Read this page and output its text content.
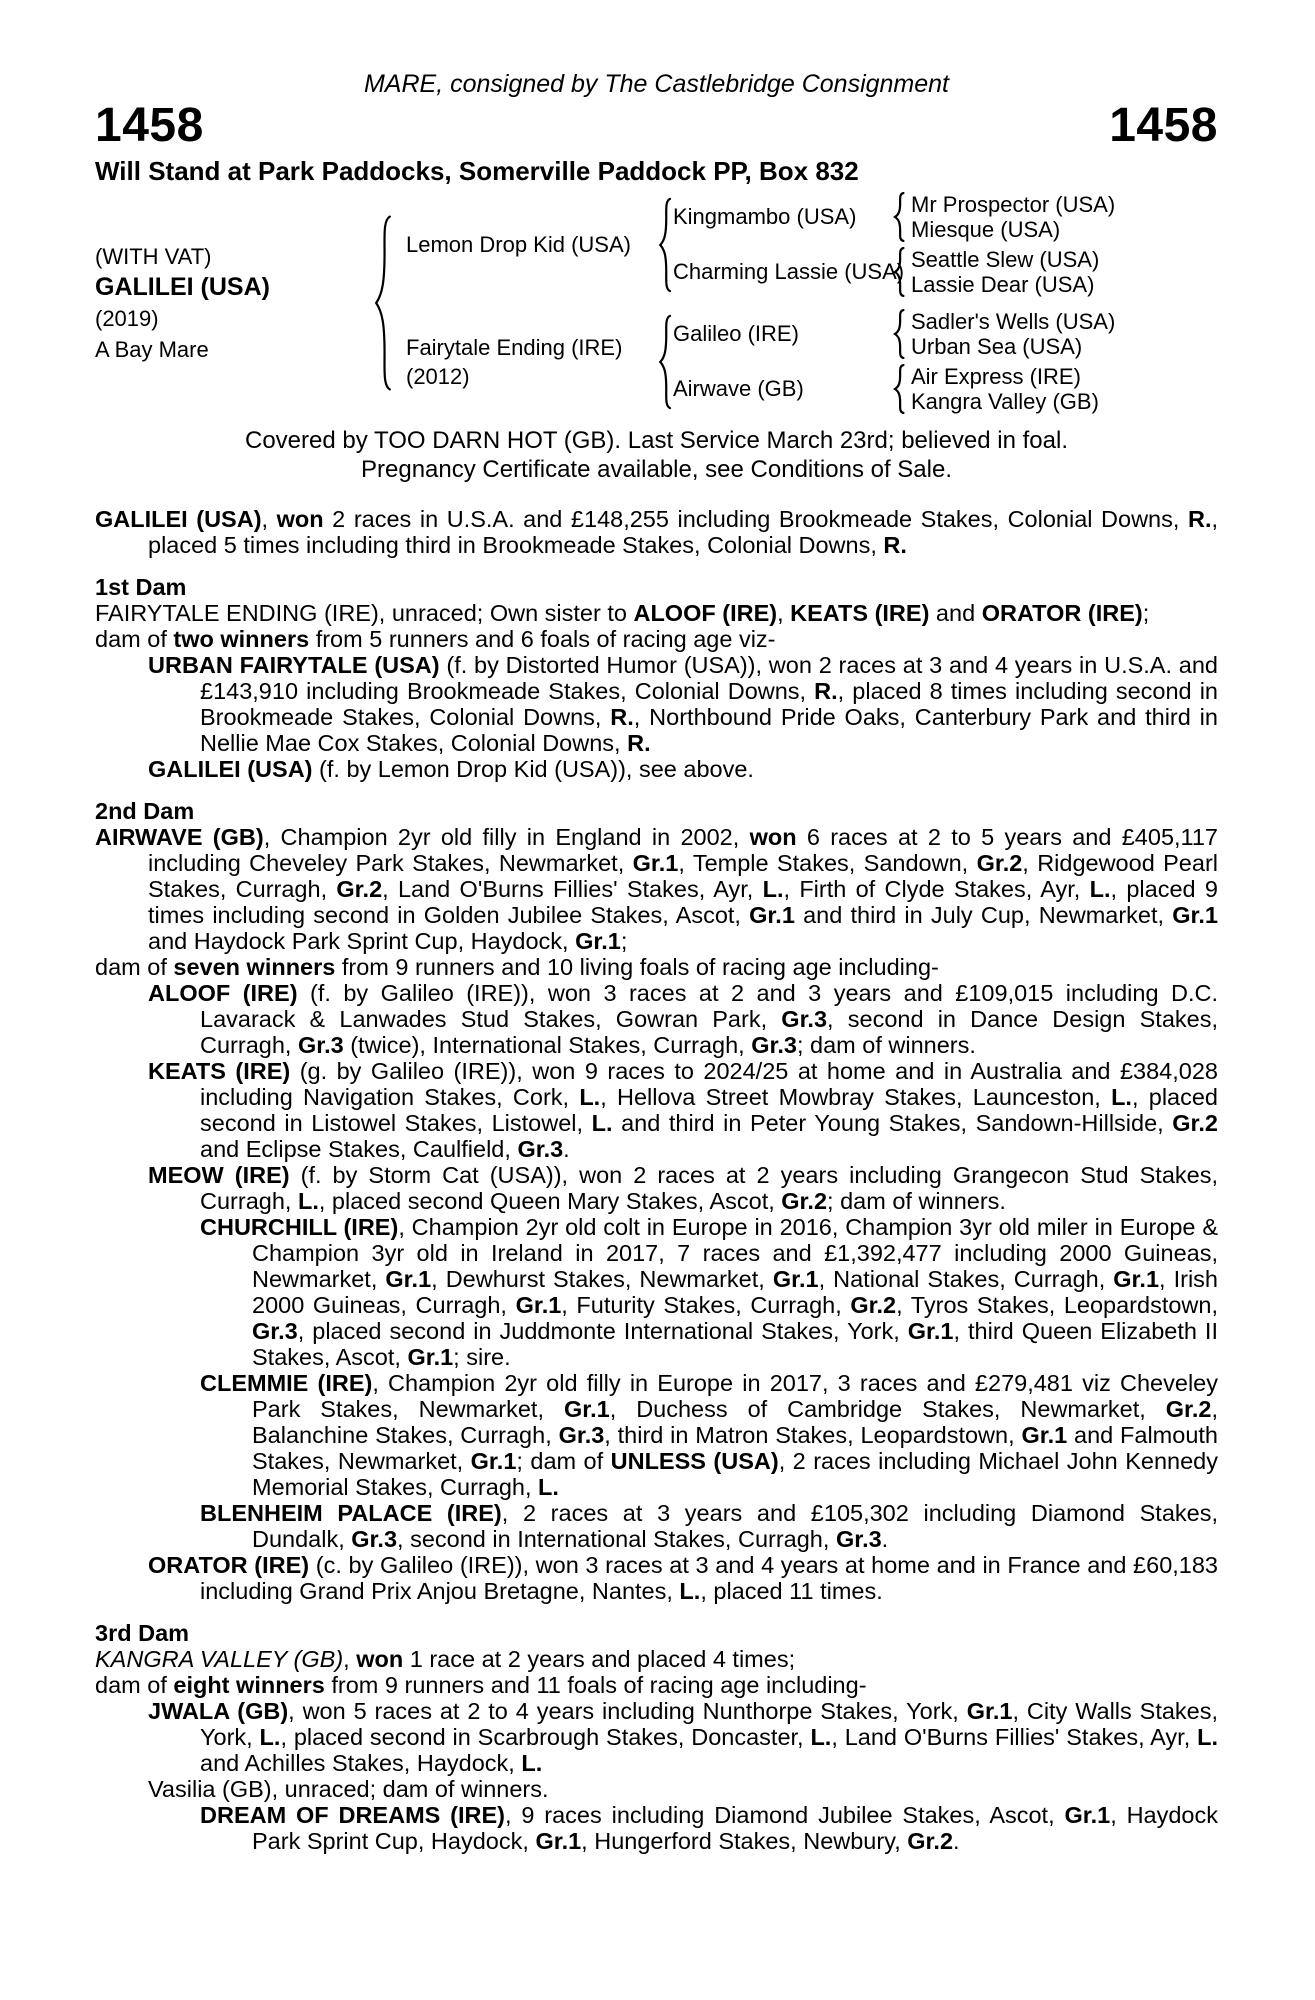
MARE, consigned by The Castlebridge Consignment
1458	1458
Will Stand at Park Paddocks, Somerville Paddock PP, Box 832
(WITH VAT)
GALILEI (USA)
(2019)
A Bay Mare
Lemon Drop Kid (USA)
Kingmambo (USA)	Mr Prospector (USA)
Miesque (USA)
Charming Lassie (USA) Seattle Slew (USA)
Lassie Dear (USA)
Fairytale Ending (IRE)
(2012)
Galileo (IRE)	Sadler's Wells (USA)
Urban Sea (USA)
Airwave (GB)	Air Express (IRE)
Kangra Valley (GB)
Covered by TOO DARN HOT (GB). Last Service March 23rd; believed in foal.
Pregnancy Certificate available, see Conditions of Sale.
GALILEI (USA), won 2 races in U.S.A. and £148,255 including Brookmeade Stakes, Colonial Downs, R., placed 5 times including third in Brookmeade Stakes, Colonial Downs, R.
1st Dam
FAIRYTALE ENDING (IRE), unraced; Own sister to ALOOF (IRE), KEATS (IRE) and ORATOR (IRE);
dam of two winners from 5 runners and 6 foals of racing age viz-
URBAN FAIRYTALE (USA) (f. by Distorted Humor (USA)), won 2 races at 3 and 4 years in U.S.A. and £143,910 including Brookmeade Stakes, Colonial Downs, R., placed 8 times including second in Brookmeade Stakes, Colonial Downs, R., Northbound Pride Oaks, Canterbury Park and third in Nellie Mae Cox Stakes, Colonial Downs, R.
GALILEI (USA) (f. by Lemon Drop Kid (USA)), see above.
2nd Dam
AIRWAVE (GB), Champion 2yr old filly in England in 2002, won 6 races at 2 to 5 years and £405,117 including Cheveley Park Stakes, Newmarket, Gr.1, Temple Stakes, Sandown, Gr.2, Ridgewood Pearl Stakes, Curragh, Gr.2, Land O'Burns Fillies' Stakes, Ayr, L., Firth of Clyde Stakes, Ayr, L., placed 9 times including second in Golden Jubilee Stakes, Ascot, Gr.1 and third in July Cup, Newmarket, Gr.1 and Haydock Park Sprint Cup, Haydock, Gr.1;
dam of seven winners from 9 runners and 10 living foals of racing age including-
ALOOF (IRE) (f. by Galileo (IRE)), won 3 races at 2 and 3 years and £109,015 including D.C. Lavarack & Lanwades Stud Stakes, Gowran Park, Gr.3, second in Dance Design Stakes, Curragh, Gr.3 (twice), International Stakes, Curragh, Gr.3; dam of winners.
KEATS (IRE) (g. by Galileo (IRE)), won 9 races to 2024/25 at home and in Australia and £384,028 including Navigation Stakes, Cork, L., Hellova Street Mowbray Stakes, Launceston, L., placed second in Listowel Stakes, Listowel, L. and third in Peter Young Stakes, Sandown-Hillside, Gr.2 and Eclipse Stakes, Caulfield, Gr.3.
MEOW (IRE) (f. by Storm Cat (USA)), won 2 races at 2 years including Grangecon Stud Stakes, Curragh, L., placed second Queen Mary Stakes, Ascot, Gr.2; dam of winners.
CHURCHILL (IRE), Champion 2yr old colt in Europe in 2016, Champion 3yr old miler in Europe & Champion 3yr old in Ireland in 2017, 7 races and £1,392,477 including 2000 Guineas, Newmarket, Gr.1, Dewhurst Stakes, Newmarket, Gr.1, National Stakes, Curragh, Gr.1, Irish 2000 Guineas, Curragh, Gr.1, Futurity Stakes, Curragh, Gr.2, Tyros Stakes, Leopardstown, Gr.3, placed second in Juddmonte International Stakes, York, Gr.1, third Queen Elizabeth II Stakes, Ascot, Gr.1; sire.
CLEMMIE (IRE), Champion 2yr old filly in Europe in 2017, 3 races and £279,481 viz Cheveley Park Stakes, Newmarket, Gr.1, Duchess of Cambridge Stakes, Newmarket, Gr.2, Balanchine Stakes, Curragh, Gr.3, third in Matron Stakes, Leopardstown, Gr.1 and Falmouth Stakes, Newmarket, Gr.1; dam of UNLESS (USA), 2 races including Michael John Kennedy Memorial Stakes, Curragh, L.
BLENHEIM PALACE (IRE), 2 races at 3 years and £105,302 including Diamond Stakes, Dundalk, Gr.3, second in International Stakes, Curragh, Gr.3.
ORATOR (IRE) (c. by Galileo (IRE)), won 3 races at 3 and 4 years at home and in France and £60,183 including Grand Prix Anjou Bretagne, Nantes, L., placed 11 times.
3rd Dam
KANGRA VALLEY (GB), won 1 race at 2 years and placed 4 times;
dam of eight winners from 9 runners and 11 foals of racing age including-
JWALA (GB), won 5 races at 2 to 4 years including Nunthorpe Stakes, York, Gr.1, City Walls Stakes, York, L., placed second in Scarbrough Stakes, Doncaster, L., Land O'Burns Fillies' Stakes, Ayr, L. and Achilles Stakes, Haydock, L.
Vasilia (GB), unraced; dam of winners.
DREAM OF DREAMS (IRE), 9 races including Diamond Jubilee Stakes, Ascot, Gr.1, Haydock Park Sprint Cup, Haydock, Gr.1, Hungerford Stakes, Newbury, Gr.2.
